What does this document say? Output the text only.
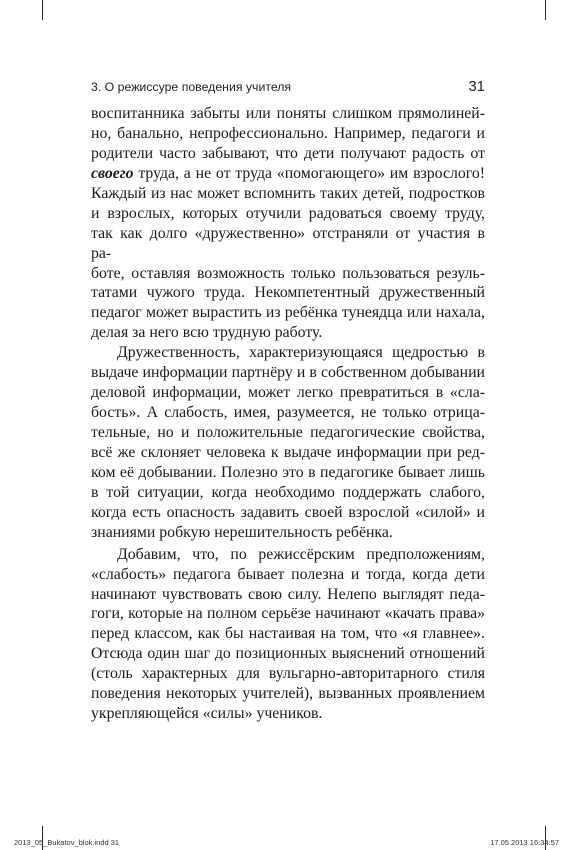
3. О режиссуре поведения учителя	31

воспитанника забыты или поняты слишком прямолиней-

но, банально, непрофессионально. Например, педагоги и

родители часто забывают, что дети получают радость от

своего труда, а не от труда «помогающего» им взрослого!

Каждый из нас может вспомнить таких детей, подростков

и взрослых, которых отучили радоваться своему труду,

так как долго «дружественно» отстраняли от участия в ра-

боте, оставляя возможность только пользоваться резуль-

татами чужого труда. Некомпетентный дружественный

педагог может вырастить из ребёнка тунеядца или нахала,

делая за него всю трудную работу.

Дружественность, характеризующаяся щедростью в

выдаче информации партнёру и в собственном добывании

деловой информации, может легко превратиться в «сла-

бость». А слабость, имея, разумеется, не только отрица-

тельные, но и положительные педагогические свойства,

всё же склоняет человека к выдаче информации при ред-

ком её добывании. Полезно это в педагогике бывает лишь

в той ситуации, когда необходимо поддержать слабого,

когда есть опасность задавить своей взрослой «силой» и

знаниями робкую нерешительность ребёнка.

Добавим, что, по режиссёрским предположениям,

«слабость» педагога бывает полезна и тогда, когда дети

начинают чувствовать свою силу. Нелепо выглядят педа-

гоги, которые на полном серьёзе начинают «качать права»

перед классом, как бы настаивая на том, что «я главнее».

Отсюда один шаг до позиционных выяснений отношений

(столь характерных для вульгарно-авторитарного стиля

поведения некоторых учителей), вызванных проявлением

укрепляющейся «силы» учеников.

2013_05_Bukatov_blok.indd 31	17.05.2013 16:34:57
